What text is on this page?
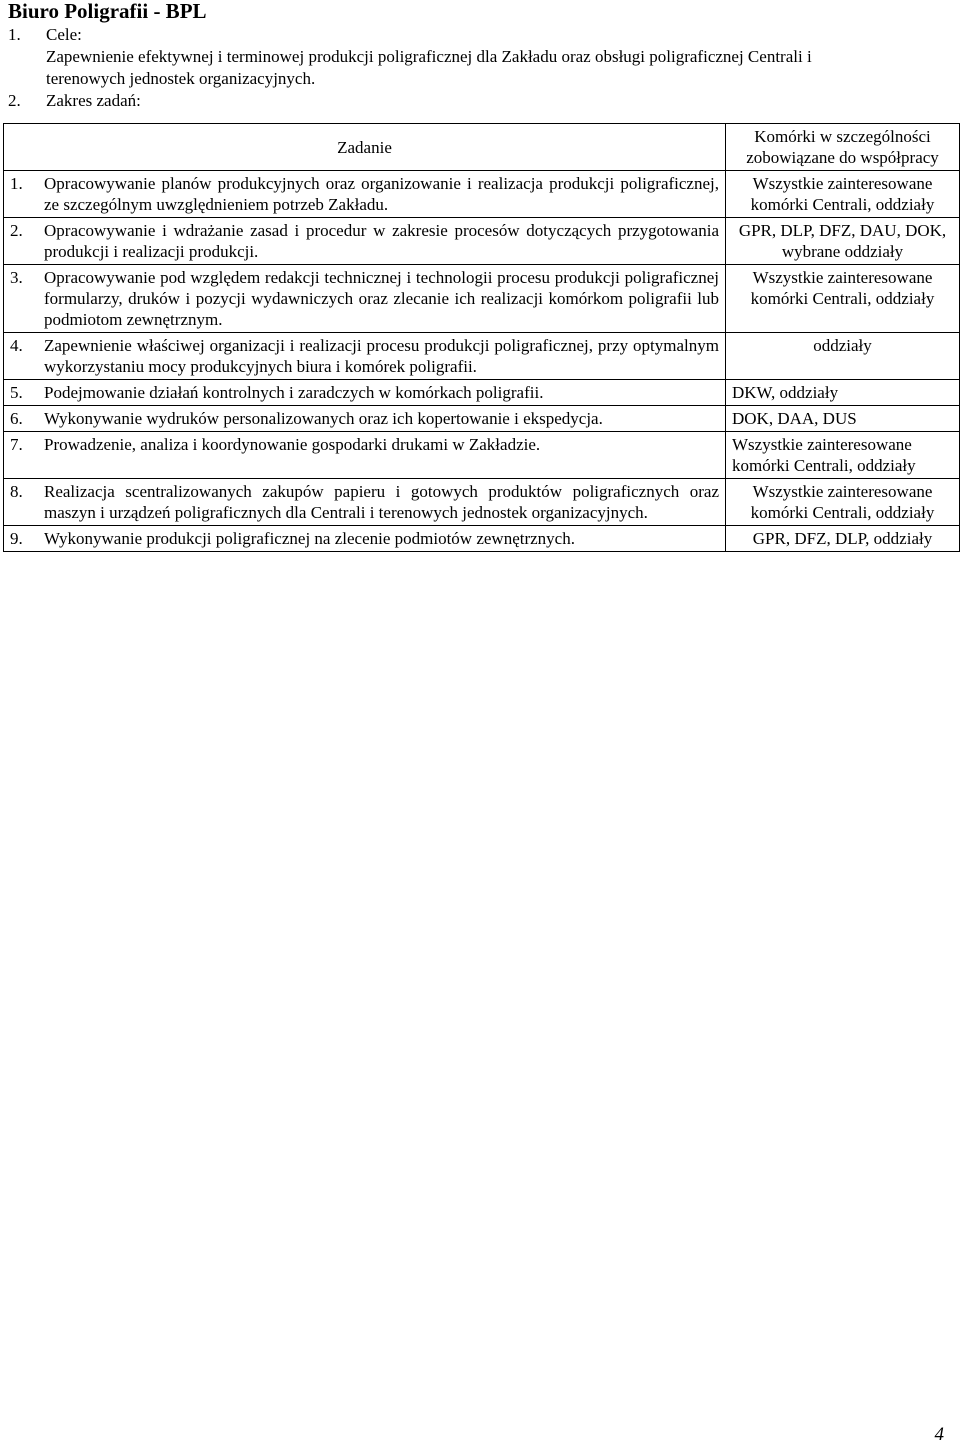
Biuro Poligrafii - BPL
1. Cele:
Zapewnienie efektywnej i terminowej produkcji poligraficznej dla Zakładu oraz obsługi poligraficznej Centrali i
terenowych jednostek organizacyjnych.
2. Zakres zadań:
Zadanie	Komórki w szczególności zobowiązane do współpracy

1. Opracowywanie planów produkcyjnych oraz organizowanie i realizacja produkcji poligraficznej, ze szczególnym uwzględnieniem potrzeb Zakładu.	Wszystkie zainteresowane komórki Centrali, oddziały

2. Opracowywanie i wdrażanie zasad i procedur w zakresie procesów dotyczących przygotowania produkcji i realizacji produkcji.	GPR, DLP, DFZ, DAU, DOK, wybrane oddziały

3. Opracowywanie pod względem redakcji technicznej i technologii procesu produkcji poligraficznej formularzy, druków i pozycji wydawniczych oraz zlecanie ich realizacji komórkom poligrafii lub podmiotom zewnętrznym.	Wszystkie zainteresowane komórki Centrali, oddziały

4. Zapewnienie właściwej organizacji i realizacji procesu produkcji poligraficznej, przy optymalnym wykorzystaniu mocy produkcyjnych biura i komórek poligrafii.	oddziały

5. Podejmowanie działań kontrolnych i zaradczych w komórkach poligrafii.	DKW, oddziały

6. Wykonywanie wydruków personalizowanych oraz ich kopertowanie i ekspedycja.	DOK, DAA, DUS

7. Prowadzenie, analiza i koordynowanie gospodarki drukami w Zakładzie.	Wszystkie zainteresowane komórki Centrali, oddziały

8. Realizacja scentralizowanych zakupów papieru i gotowych produktów poligraficznych oraz maszyn i urządzeń poligraficznych dla Centrali i terenowych jednostek organizacyjnych.	Wszystkie zainteresowane komórki Centrali, oddziały

9. Wykonywanie produkcji poligraficznej na zlecenie podmiotów zewnętrznych.	GPR, DFZ, DLP, oddziały
4
